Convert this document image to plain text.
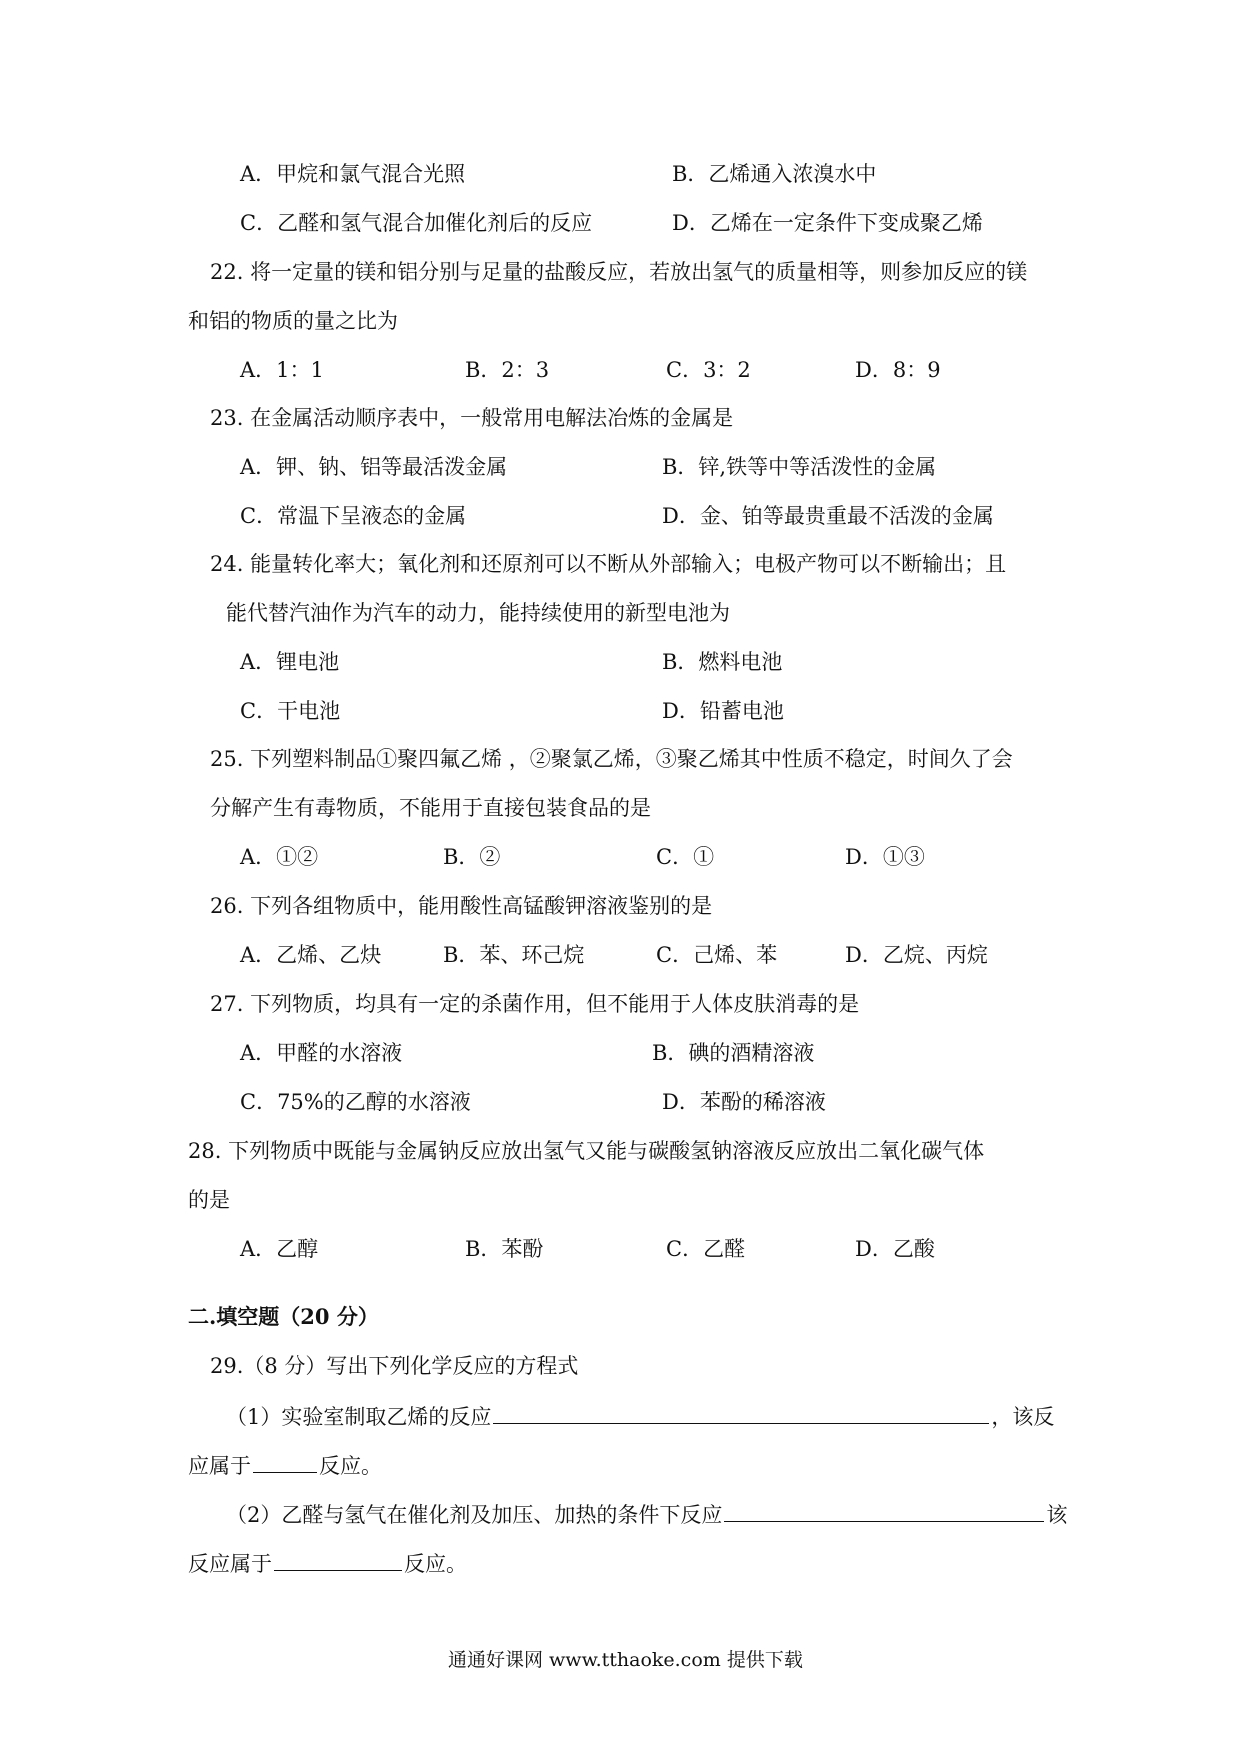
A．甲烷和氯气混合光照	B．乙烯通入浓溴水中
C．乙醛和氢气混合加催化剂后的反应	D．乙烯在一定条件下变成聚乙烯
22. 将一定量的镁和铝分别与足量的盐酸反应，若放出氢气的质量相等，则参加反应的镁
和铝的物质的量之比为
A．1：1	B．2：3	C．3：2	D．8：9
23. 在金属活动顺序表中，一般常用电解法冶炼的金属是
A．钾、钠、铝等最活泼金属	B．锌,铁等中等活泼性的金属
C．常温下呈液态的金属	D．金、铂等最贵重最不活泼的金属
24. 能量转化率大；氧化剂和还原剂可以不断从外部输入；电极产物可以不断输出；且
能代替汽油作为汽车的动力，能持续使用的新型电池为
A．锂电池	B．燃料电池
C．干电池	D．铅蓄电池
25. 下列塑料制品①聚四氟乙烯 ，②聚氯乙烯，③聚乙烯其中性质不稳定，时间久了会
分解产生有毒物质，不能用于直接包装食品的是
A．①②	B．②	C．①	D．①③
26. 下列各组物质中，能用酸性高锰酸钾溶液鉴别的是
A．乙烯、乙炔	B．苯、环己烷	C．己烯、苯	D．乙烷、丙烷
27. 下列物质，均具有一定的杀菌作用，但不能用于人体皮肤消毒的是
A．甲醛的水溶液	B．碘的酒精溶液
C．75%的乙醇的水溶液	D．苯酚的稀溶液
28. 下列物质中既能与金属钠反应放出氢气又能与碳酸氢钠溶液反应放出二氧化碳气体
的是
A．乙醇	B．苯酚	C．乙醛	D．乙酸
二.填空题（20 分）
29.（8 分）写出下列化学反应的方程式
（1）实验室制取乙烯的反应	，该反
应属于	反应。
（2）乙醛与氢气在催化剂及加压、加热的条件下反应	该
反应属于	反应。
通通好课网 www.tthaoke.com 提供下载
